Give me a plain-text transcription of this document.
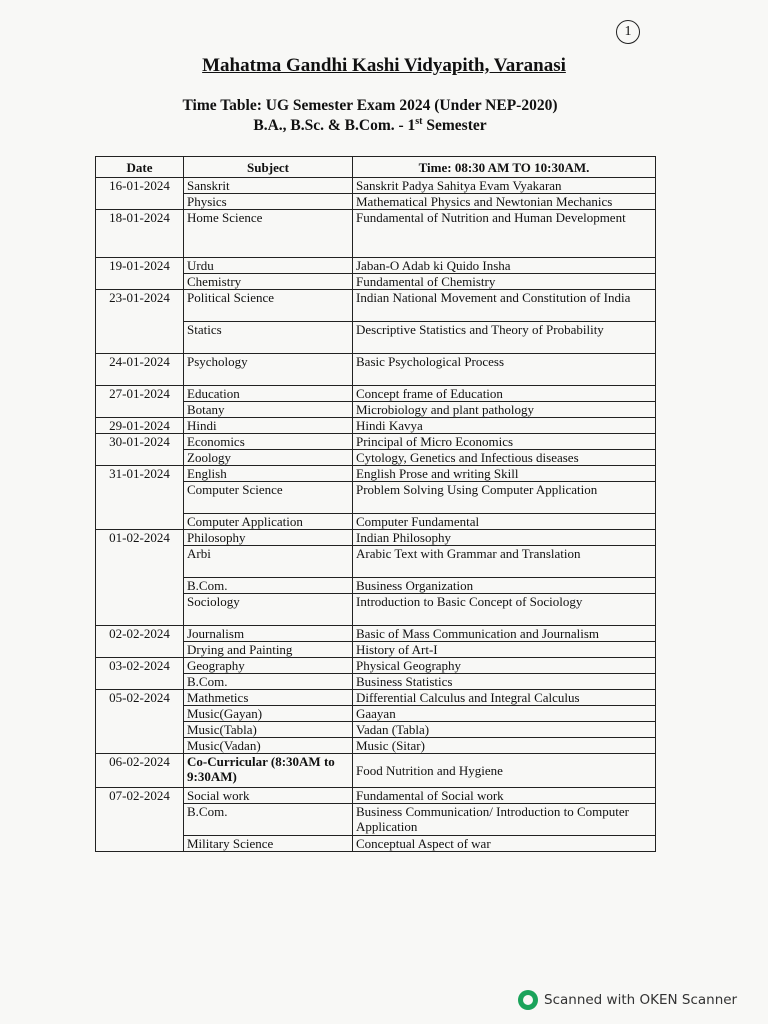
1
Mahatma Gandhi Kashi Vidyapith, Varanasi
Time Table: UG Semester Exam 2024 (Under NEP-2020)
B.A., B.Sc. & B.Com. - 1st Semester
Date	Subject	Time: 08:30 AM TO 10:30AM.
16-01-2024	Sanskrit	Sanskrit Padya Sahitya Evam Vyakaran
	Physics	Mathematical Physics and Newtonian Mechanics
18-01-2024	Home Science	Fundamental of Nutrition and Human Development
19-01-2024	Urdu	Jaban-O Adab ki Quido Insha
	Chemistry	Fundamental of Chemistry
23-01-2024	Political Science	Indian National Movement and Constitution of India
	Statics	Descriptive Statistics and Theory of Probability
24-01-2024	Psychology	Basic Psychological Process
27-01-2024	Education	Concept frame of Education
	Botany	Microbiology and plant pathology
29-01-2024	Hindi	Hindi Kavya
30-01-2024	Economics	Principal of Micro Economics
	Zoology	Cytology, Genetics and Infectious diseases
31-01-2024	English	English Prose and writing Skill
	Computer Science	Problem Solving Using Computer Application
	Computer Application	Computer Fundamental
01-02-2024	Philosophy	Indian Philosophy
	Arbi	Arabic Text with Grammar and Translation
	B.Com.	Business Organization
	Sociology	Introduction to Basic Concept of Sociology
02-02-2024	Journalism	Basic of Mass Communication and Journalism
	Drying and Painting	History of Art-I
03-02-2024	Geography	Physical Geography
	B.Com.	Business Statistics
05-02-2024	Mathmetics	Differential Calculus and Integral Calculus
	Music(Gayan)	Gaayan
	Music(Tabla)	Vadan (Tabla)
	Music(Vadan)	Music (Sitar)
06-02-2024	Co-Curricular (8:30AM to 9:30AM)	Food Nutrition and Hygiene
07-02-2024	Social work	Fundamental of Social work
	B.Com.	Business Communication/ Introduction to Computer Application
	Military Science	Conceptual Aspect of war
Scanned with OKEN Scanner
